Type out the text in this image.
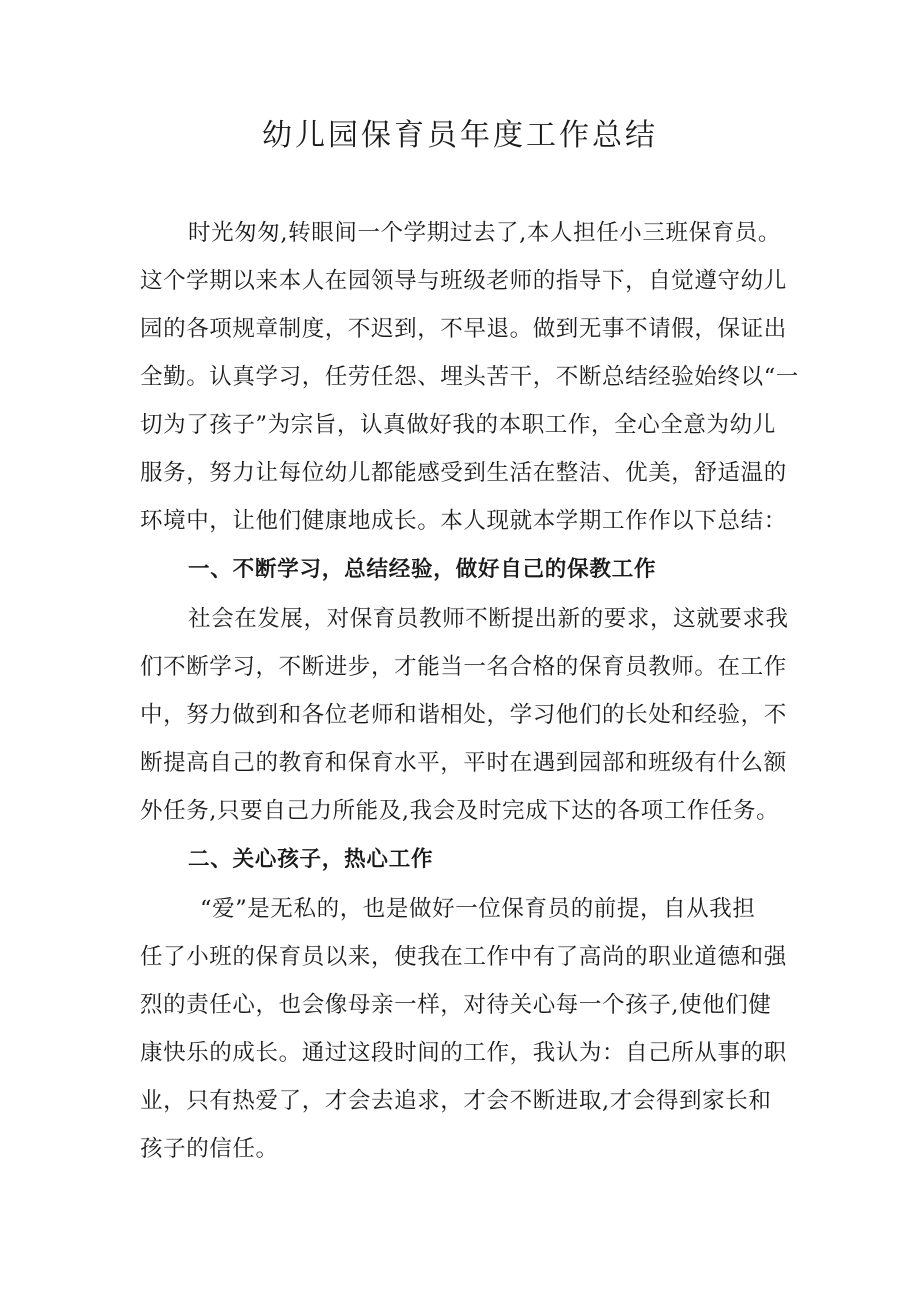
幼儿园保育员年度工作总结
时光匆匆,转眼间一个学期过去了,本人担任小三班保育员。
这个学期以来本人在园领导与班级老师的指导下，自觉遵守幼儿
园的各项规章制度，不迟到，不早退。做到无事不请假，保证出
全勤。认真学习，任劳任怨、埋头苦干，不断总结经验始终以“一
切为了孩子”为宗旨，认真做好我的本职工作，全心全意为幼儿
服务，努力让每位幼儿都能感受到生活在整洁、优美，舒适温的
环境中，让他们健康地成长。本人现就本学期工作作以下总结：
一、不断学习，总结经验，做好自己的保教工作
社会在发展，对保育员教师不断提出新的要求，这就要求我
们不断学习，不断进步，才能当一名合格的保育员教师。在工作
中，努力做到和各位老师和谐相处，学习他们的长处和经验，不
断提高自己的教育和保育水平，平时在遇到园部和班级有什么额
外任务,只要自己力所能及,我会及时完成下达的各项工作任务。
二、关心孩子，热心工作
“爱”是无私的，也是做好一位保育员的前提，自从我担
任了小班的保育员以来，使我在工作中有了高尚的职业道德和强
烈的责任心，也会像母亲一样，对待关心每一个孩子,使他们健
康快乐的成长。通过这段时间的工作，我认为：自己所从事的职
业，只有热爱了，才会去追求，才会不断进取,才会得到家长和
孩子的信任。
